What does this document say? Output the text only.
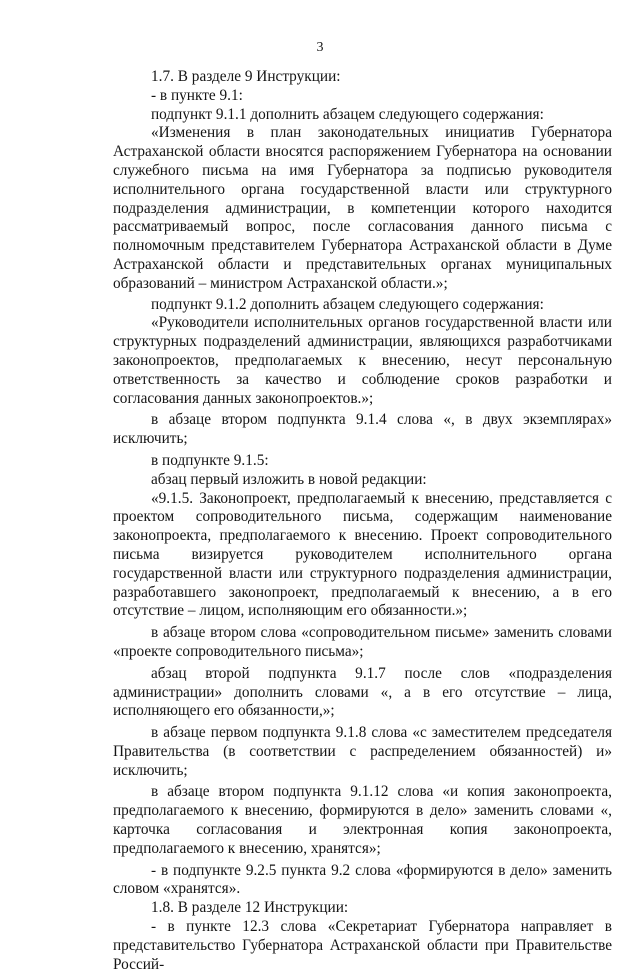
3

1.7. В разделе 9 Инструкции:

- в пункте 9.1:

подпункт 9.1.1 дополнить абзацем следующего содержания:

«Изменения в план законодательных инициатив Губернатора Астраханской области вносятся распоряжением Губернатора на основании служебного письма на имя Губернатора за подписью руководителя исполнительного органа государственной власти или структурного подразделения администрации, в компетенции которого находится рассматриваемый вопрос, после согласования данного письма с полномочным представителем Губернатора Астраханской области в Думе Астраханской области и представительных органах муниципальных образований – министром Астраханской области.»;

подпункт 9.1.2 дополнить абзацем следующего содержания:

«Руководители исполнительных органов государственной власти или структурных подразделений администрации, являющихся разработчиками законопроектов, предполагаемых к внесению, несут персональную ответственность за качество и соблюдение сроков разработки и согласования данных законопроектов.»;

в абзаце втором подпункта 9.1.4 слова «, в двух экземплярах» исключить;

в подпункте 9.1.5:

абзац первый изложить в новой редакции:

«9.1.5. Законопроект, предполагаемый к внесению, представляется с проектом сопроводительного письма, содержащим наименование законопроекта, предполагаемого к внесению. Проект сопроводительного письма визируется руководителем исполнительного органа государственной власти или структурного подразделения администрации, разработавшего законопроект, предполагаемый к внесению, а в его отсутствие – лицом, исполняющим его обязанности.»;

в абзаце втором слова «сопроводительном письме» заменить словами «проекте сопроводительного письма»;

абзац второй подпункта 9.1.7 после слов «подразделения администрации» дополнить словами «, а в его отсутствие – лица, исполняющего его обязанности,»;

в абзаце первом подпункта 9.1.8 слова «с заместителем председателя Правительства (в соответствии с распределением обязанностей) и» исключить;

в абзаце втором подпункта 9.1.12 слова «и копия законопроекта, предполагаемого к внесению, формируются в дело» заменить словами «, карточка согласования и электронная копия законопроекта, предполагаемого к внесению, хранятся»;

- в подпункте 9.2.5 пункта 9.2 слова «формируются в дело» заменить словом «хранятся».

1.8. В разделе 12 Инструкции:

- в пункте 12.3 слова «Секретариат Губернатора направляет в представительство Губернатора Астраханской области при Правительстве Россий-
